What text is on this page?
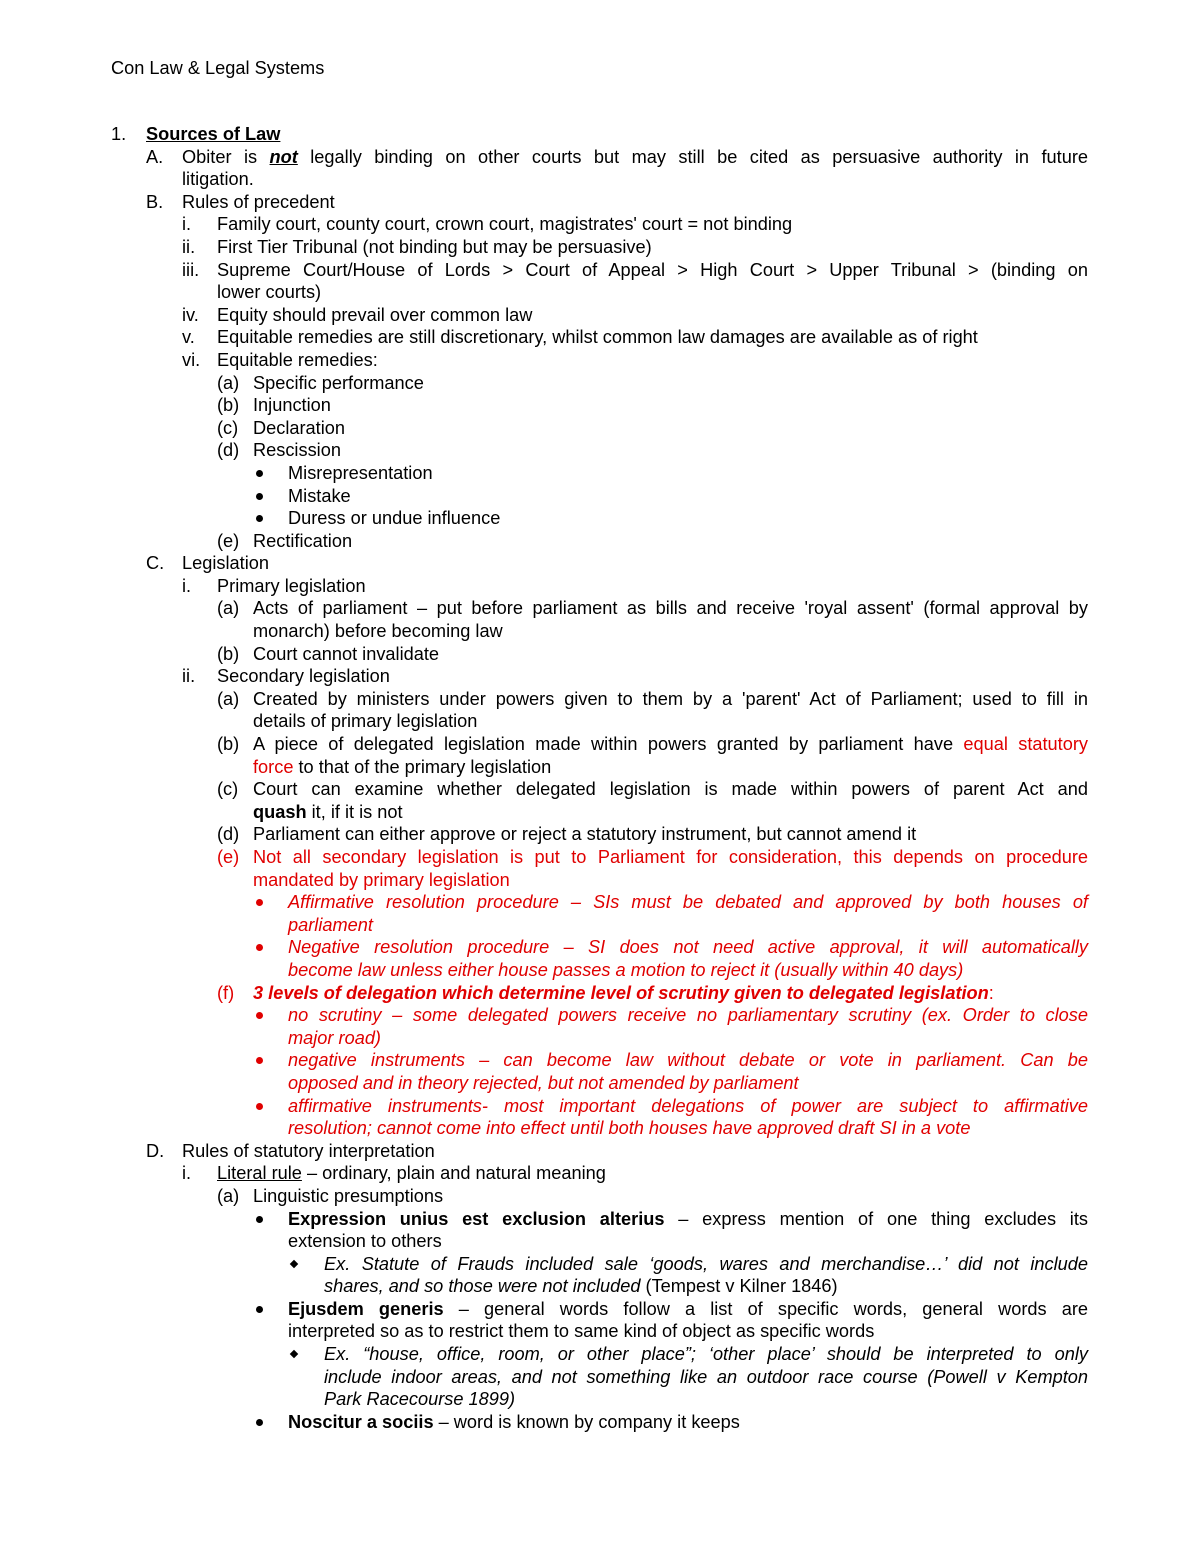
Con Law & Legal Systems
1. Sources of Law
A. Obiter is not legally binding on other courts but may still be cited as persuasive authority in future
litigation.
B. Rules of precedent
i. Family court, county court, crown court, magistrates' court = not binding
ii. First Tier Tribunal (not binding but may be persuasive)
iii. Supreme Court/House of Lords > Court of Appeal > High Court > Upper Tribunal > (binding on
lower courts)
iv. Equity should prevail over common law
v. Equitable remedies are still discretionary, whilst common law damages are available as of right
vi. Equitable remedies:
(a) Specific performance
(b) Injunction
(c) Declaration
(d) Rescission
Misrepresentation
Mistake
Duress or undue influence
(e) Rectification
C. Legislation
i. Primary legislation
(a) Acts of parliament – put before parliament as bills and receive 'royal assent' (formal approval by
monarch) before becoming law
(b) Court cannot invalidate
ii. Secondary legislation
(a) Created by ministers under powers given to them by a 'parent' Act of Parliament; used to fill in
details of primary legislation
(b) A piece of delegated legislation made within powers granted by parliament have equal statutory
force to that of the primary legislation
(c) Court can examine whether delegated legislation is made within powers of parent Act and
quash it, if it is not
(d) Parliament can either approve or reject a statutory instrument, but cannot amend it
(e) Not all secondary legislation is put to Parliament for consideration, this depends on procedure
mandated by primary legislation
Affirmative resolution procedure – SIs must be debated and approved by both houses of
parliament
Negative resolution procedure – SI does not need active approval, it will automatically
become law unless either house passes a motion to reject it (usually within 40 days)
(f) 3 levels of delegation which determine level of scrutiny given to delegated legislation:
no scrutiny – some delegated powers receive no parliamentary scrutiny (ex. Order to close
major road)
negative instruments – can become law without debate or vote in parliament. Can be
opposed and in theory rejected, but not amended by parliament
affirmative instruments- most important delegations of power are subject to affirmative
resolution; cannot come into effect until both houses have approved draft SI in a vote
D. Rules of statutory interpretation
i. Literal rule – ordinary, plain and natural meaning
(a) Linguistic presumptions
Expression unius est exclusion alterius – express mention of one thing excludes its
extension to others
Ex. Statute of Frauds included sale ‘goods, wares and merchandise…’ did not include
shares, and so those were not included (Tempest v Kilner 1846)
Ejusdem generis – general words follow a list of specific words, general words are
interpreted so as to restrict them to same kind of object as specific words
Ex. “house, office, room, or other place”; ‘other place’ should be interpreted to only
include indoor areas, and not something like an outdoor race course (Powell v Kempton
Park Racecourse 1899)
Noscitur a sociis – word is known by company it keeps
